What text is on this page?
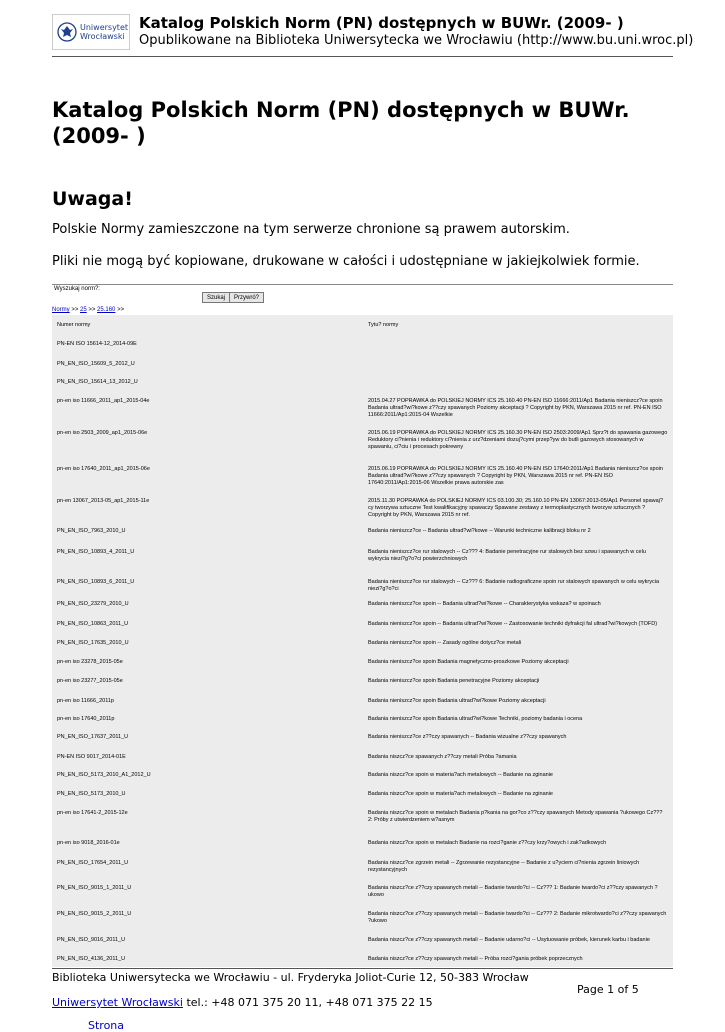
Uniwersytet
Wrocławski
Katalog Polskich Norm (PN) dostępnych w BUWr. (2009- )
Opublikowane na Biblioteka Uniwersytecka we Wrocławiu (http://www.bu.uni.wroc.pl)
Katalog Polskich Norm (PN) dostępnych w BUWr. (2009- )
Uwaga!

Polskie Normy zamieszczone na tym serwerze chronione są prawem autorskim.

Pliki nie mogą być kopiowane, drukowane w całości i udostępniane w jakiejkolwiek formie.

Wyszukaj norm?:
Szukaj	Przywró?
Normy >> 25 >> 25.160 >>
Numer normy	Tytu? normy
PN-EN ISO 15614-12_2014-09E
PN_EN_ISO_15609_5_2012_U
PN_EN_ISO_15614_13_2012_U
pn-en iso 11666_2011_ap1_2015-04e	2015.04.27 POPRAWKA do POLSKIEJ NORMY ICS 25.160.40 PN-EN ISO 11666:2011/Ap1 Badania nieniszcz?ce spoin Badania ultrad?wi?kowe z??czy spawanych Poziomy akceptacji ? Copyright by PKN, Warszawa 2015 nr ref. PN-EN ISO 11666:2011/Ap1:2015-04 Wszelkie
pn-en iso 2503_2009_ap1_2015-06e	2015.06.19 POPRAWKA do POLSKIEJ NORMY ICS 25.160.30 PN-EN ISO 2503:2009/Ap1 Sprz?t do spawania gazowego Reduktory ci?nienia i reduktory ci?nienia z urz?dzeniami dozuj?cymi przep?yw do butli gazowych stosowanych w spawaniu, ci?ciu i procesach pokrewny
pn-en iso 17640_2011_ap1_2015-06e	2015.06.19 POPRAWKA do POLSKIEJ NORMY ICS 25.160.40 PN-EN ISO 17640:2011/Ap1 Badania nieniszcz?ce spoin Badania ultrad?wi?kowe z??czy spawanych ? Copyright by PKN, Warszawa 2015 nr ref. PN-EN ISO 17640:2011/Ap1:2015-06 Wszelkie prawa autorskie zas
pn-en 13067_2013-05_ap1_2015-11e	2015.11.30 POPRAWKA do POLSKIEJ NORMY ICS 03.100.30; 25.160.10 PN-EN 13067:2013-05/Ap1 Personel spawaj?cy tworzywa sztuczne Test kwalifikacyjny spawaczy Spawane zestawy z termoplastycznych tworzyw sztucznych ? Copyright by PKN, Warszawa 2015 nr ref.
PN_EN_ISO_7963_2010_U	Badania nieniszcz?ce -- Badania ultrad?wi?kowe -- Warunki techniczne kalibracji bloku nr 2
PN_EN_ISO_10893_4_2011_U	Badania nieniszcz?ce rur stalowych -- Cz??? 4: Badanie penetracyjne rur stalowych bez szwu i spawanych w celu wykrycia niezi?g?o?ci powierzchniowych
PN_EN_ISO_10893_6_2011_U	Badania nieniszcz?ce rur stalowych -- Cz??? 6: Badanie radiograficzne spoin rur stalowych spawanych w celu wykrycia niezi?g?o?ci
PN_EN_ISO_23279_2010_U	Badania nieniszcz?ce spoin -- Badania ultrad?wi?kowe -- Charakterystyka wskaza? w spoinach
PN_EN_ISO_10863_2011_U	Badania nieniszcz?ce spoin -- Badania ultrad?wi?kowe -- Zastosowanie techniki dyfrakcji fal ultrad?wi?kowych (TOFD)
PN_EN_ISO_17635_2010_U	Badania nieniszcz?ce spoin -- Zasady ogólne dotycz?ce metali
pn-en iso 23278_2015-05e	Badania nieniszcz?ce spoin Badania magnetyczno-proszkowe Poziomy akceptacji
pn-en iso 23277_2015-05e	Badania nieniszcz?ce spoin Badania penetracyjne Poziomy akceptacji
pn-en iso 11666_2011p	Badania nieniszcz?ce spoin Badania ultrad?wi?kowe Poziomy akceptacji
pn-en iso 17640_2011p	Badania nieniszcz?ce spoin Badania ultrad?wi?kowe Techniki, poziomy badania i ocena
PN_EN_ISO_17637_2011_U	Badania nieniszcz?ce z??czy spawanych -- Badania wizualne z??czy spawanych
PN-EN ISO 9017_2014-01E	Badania niszcz?ce spawanych z??czy metali Próba ?amania
PN_EN_ISO_5173_2010_A1_2012_U	Badania niszcz?ce spoin w materia?ach metalowych -- Badanie na zginanie
PN_EN_ISO_5173_2010_U	Badania niszcz?ce spoin w materia?ach metalowych -- Badanie na zginanie
pn-en iso 17641-2_2015-12e	Badania niszcz?ce spoin w metalach Badania p?kania na gor?co z??czy spawanych Metody spawania ?ukowego Cz??? 2: Próby z utwierdzeniem w?asnym
pn-en iso 9018_2016-01e	Badania niszcz?ce spoin w metalach Badanie na rozci?ganie z??czy krzy?owych i zak?adkowych
PN_EN_ISO_17654_2011_U	Badania niszcz?ce zgrzein metali -- Zgrzewanie rezystancyjne -- Badanie z u?yciem ci?nienia zgrzein liniowych rezystancyjnych
PN_EN_ISO_9015_1_2011_U	Badania niszcz?ce z??czy spawanych metali -- Badanie twardo?ci -- Cz??? 1: Badanie twardo?ci z??czy spawanych ?ukowo
PN_EN_ISO_9015_2_2011_U	Badania niszcz?ce z??czy spawanych metali -- Badanie twardo?ci -- Cz??? 2: Badanie mikrotwardo?ci z??czy spawanych ?ukowo
PN_EN_ISO_9016_2011_U	Badania niszcz?ce z??czy spawanych metali -- Badanie udarno?ci -- Usytuowanie próbek, kierunek karbu i badanie
PN_EN_ISO_4136_2011_U	Badania niszcz?ce z??czy spawanych metali -- Próba rozci?gania próbek poprzecznych
Biblioteka Uniwersytecka we Wrocławiu - ul. Fryderyka Joliot-Curie 12, 50-383 Wrocław
Page 1 of 5
Uniwersytet Wrocławski tel.: +48 071 375 20 11, +48 071 375 22 15
Strona
